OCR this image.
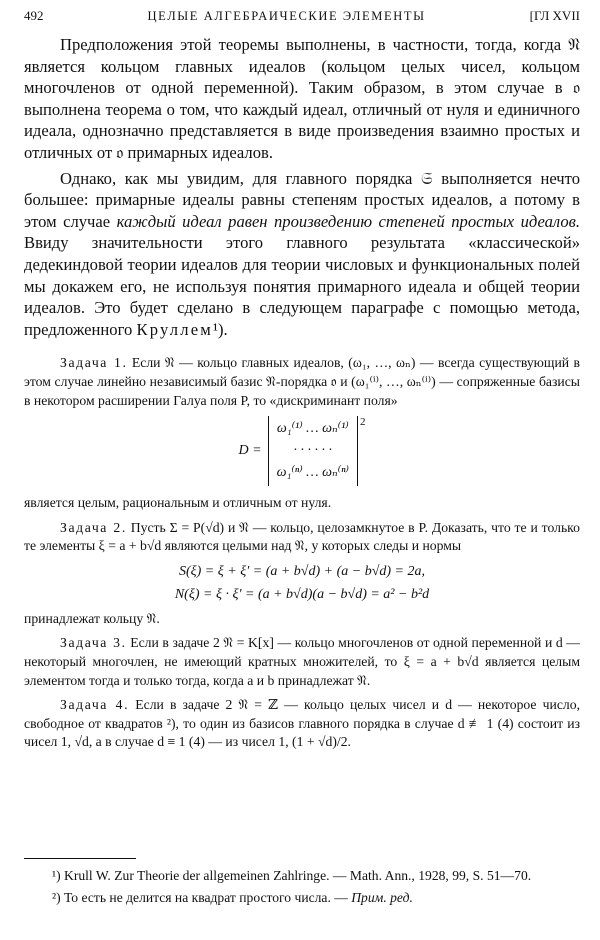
492	ЦЕЛЫЕ АЛГЕБРАИЧЕСКИЕ ЭЛЕМЕНТЫ	[ГЛ XVII

Предположения этой теоремы выполнены, в частности, тогда, когда 𝔑 является кольцом главных идеалов (кольцом целых чисел, кольцом многочленов от одной переменной). Таким образом, в этом случае в 𝔬 выполнена теорема о том, что каждый идеал, отличный от нуля и единичного идеала, однозначно представляется в виде произведения взаимно простых и отличных от 𝔬 примарных идеалов.

Однако, как мы увидим, для главного порядка 𝔖 выполняется нечто большее: примарные идеалы равны степеням простых идеалов, а потому в этом случае каждый идеал равен произведению степеней простых идеалов. Ввиду значительности этого главного результата «классической» дедекиндовой теории идеалов для теории числовых и функциональных полей мы докажем его, не используя понятия примарного идеала и общей теории идеалов. Это будет сделано в следующем параграфе с помощью метода, предложенного Круллем¹).

Задача 1. Если 𝔑 — кольцо главных идеалов, (ω₁, …, ωₙ) — всегда существующий в этом случае линейно независимый базис 𝔑-порядка 𝔬 и (ω₁⁽ⁱ⁾, …, ωₙ⁽ⁱ⁾) — сопряженные базисы в некотором расширении Галуа поля P, то «дискриминант поля»

D =
ω₁⁽¹⁾ … ωₙ⁽¹⁾
· · · · · ·
ω₁⁽ⁿ⁾ … ωₙ⁽ⁿ⁾
2

является целым, рациональным и отличным от нуля.

Задача 2. Пусть Σ = P(√d) и 𝔑 — кольцо, целозамкнутое в P. Доказать, что те и только те элементы ξ = a + b√d являются целыми над 𝔑, у которых следы и нормы

S(ξ) = ξ + ξ′ = (a + b√d) + (a − b√d) = 2a,
N(ξ) = ξ · ξ′ = (a + b√d)(a − b√d) = a² − b²d

принадлежат кольцу 𝔑.

Задача 3. Если в задаче 2 𝔑 = K[x] — кольцо многочленов от одной переменной и d — некоторый многочлен, не имеющий кратных множителей, то ξ = a + b√d является целым элементом тогда и только тогда, когда a и b принадлежат 𝔑.

Задача 4. Если в задаче 2 𝔑 = ℤ — кольцо целых чисел и d — некоторое число, свободное от квадратов ²), то один из базисов главного порядка в случае d ≢ 1 (4) состоит из чисел 1, √d, а в случае d ≡ 1 (4) — из чисел 1, (1 + √d)/2.

¹) Krull W. Zur Theorie der allgemeinen Zahlringe. — Math. Ann., 1928, 99, S. 51—70.

²) То есть не делится на квадрат простого числа. — Прим. ред.
